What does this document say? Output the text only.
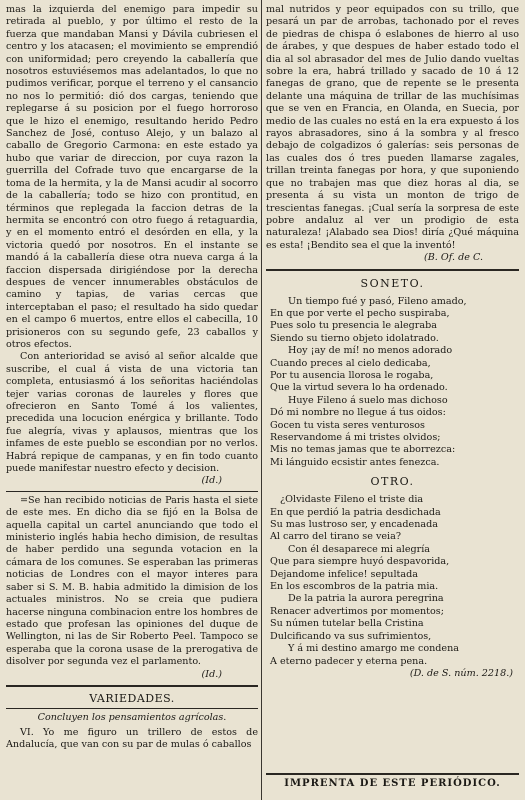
mas la izquierda del enemigo para impedir su retirada al pueblo, y por último el resto de la fuerza que mandaban Mansi y Dávila cubriesen el centro y los atacasen; el movimiento se emprendió con uniformidad; pero creyendo la caballería que nosotros estuviésemos mas adelantados, lo que no pudimos verificar, porque el terreno y el cansancio no nos lo permitió: dió dos cargas, teniendo que replegarse á su posicion por el fuego horroroso que le hizo el enemigo, resultando herido Pedro Sanchez de José, contuso Alejo, y un balazo al caballo de Gregorio Carmona: en este estado ya hubo que variar de direccion, por cuya razon la guerrilla del Cofrade tuvo que encargarse de la toma de la hermita, y la de Mansi acudir al socorro de la caballería; todo se hizo con prontitud, en términos que replegada la faccion detras de la hermita se encontró con otro fuego á retaguardia, y en el momento entró el desórden en ella, y la victoria quedó por nosotros. En el instante se mandó á la caballería diese otra nueva carga á la faccion dispersada dirigiéndose por la derecha despues de vencer innumerables obstáculos de camino y tapias, de varias cercas que interceptaban el paso; el resultado ha sido quedar en el campo 6 muertos, entre ellos el cabecilla, 10 prisioneros con su segundo gefe, 23 caballos y otros efectos.

Con anterioridad se avisó al señor alcalde que suscribe, el cual á vista de una victoria tan completa, entusiasmó á los señoritas haciéndolas tejer varias coronas de laureles y flores que ofrecieron en Santo Tomé á los valientes, precedida una locucion enérgica y brillante. Todo fue alegría, vivas y aplausos, mientras que los infames de este pueblo se escondian por no verlos. Habrá repique de campanas, y en fin todo cuanto puede manifestar nuestro efecto y decision.

(Id.)

=Se han recibido noticias de Paris hasta el siete de este mes. En dicho dia se fijó en la Bolsa de aquella capital un cartel anunciando que todo el ministerio inglés habia hecho dimision, de resultas de haber perdido una segunda votacion en la cámara de los comunes. Se esperaban las primeras noticias de Londres con el mayor interes para saber si S. M. B. habia admitido la dimision de los actuales ministros. No se creia que pudiera hacerse ninguna combinacion entre los hombres de estado que profesan las opiniones del duque de Wellington, ni las de Sir Roberto Peel. Tampoco se esperaba que la corona usase de la prerogativa de disolver por segunda vez el parlamento.

(Id.)

VARIEDADES.
Concluyen los pensamientos agrícolas.

VI. Yo me figuro un trillero de estos de Andalucía, que van con su par de mulas ó caballos

mal nutridos y peor equipados con su trillo, que pesará un par de arrobas, tachonado por el reves de piedras de chispa ó eslabones de hierro al uso de árabes, y que despues de haber estado todo el dia al sol abrasador del mes de Julio dando vueltas sobre la era, habrá trillado y sacado de 10 á 12 fanegas de grano, que de repente se le presenta delante una máquina de trillar de las muchísimas que se ven en Francia, en Olanda, en Suecia, por medio de las cuales no está en la era expuesto á los rayos abrasadores, sino á la sombra y al fresco debajo de colgadizos ó galerías: seis personas de las cuales dos ó tres pueden llamarse zagales, trillan treinta fanegas por hora, y que suponiendo que no trabajen mas que diez horas al dia, se presenta á su vista un monton de trigo de trescientas fanegas. ¡Cual sería la sorpresa de este pobre andaluz al ver un prodigio de esta naturaleza! ¡Alabado sea Dios! diría ¿Qué máquina es esta! ¡Bendito sea el que la inventó!

(B. Of. de C.

SONETO.
Un tiempo fué y pasó, Fileno amado,
En que por verte el pecho suspiraba,
Pues solo tu presencia le alegraba
Siendo su tierno objeto idolatrado.
Hoy ¡ay de mí! no menos adorado
Cuando preces al cielo dedicaba,
Por tu ausencia llorosa le rogaba,
Que la virtud severa lo ha ordenado.
Huye Fileno á suelo mas dichoso
Dó mi nombre no llegue á tus oidos:
Gocen tu vista seres venturosos
Reservandome á mi tristes olvidos;
Mis no temas jamas que te aborrezca:
Mi lánguido ecsistir antes fenezca.
OTRO.
¿Olvidaste Fileno el triste dia
En que perdió la patria desdichada
Su mas lustroso ser, y encadenada
Al carro del tirano se veia?
Con él desaparece mi alegría
Que para siempre huyó despavorida,
Dejandome infelice! sepultada
En los escombros de la patria mia.
De la patria la aurora peregrina
Renacer advertimos por momentos;
Su númen tutelar bella Cristina
Dulcificando va sus sufrimientos,
Y á mi destino amargo me condena
A eterno padecer y eterna pena.

(D. de S. núm. 2218.)

IMPRENTA DE ESTE PERIÓDICO.
